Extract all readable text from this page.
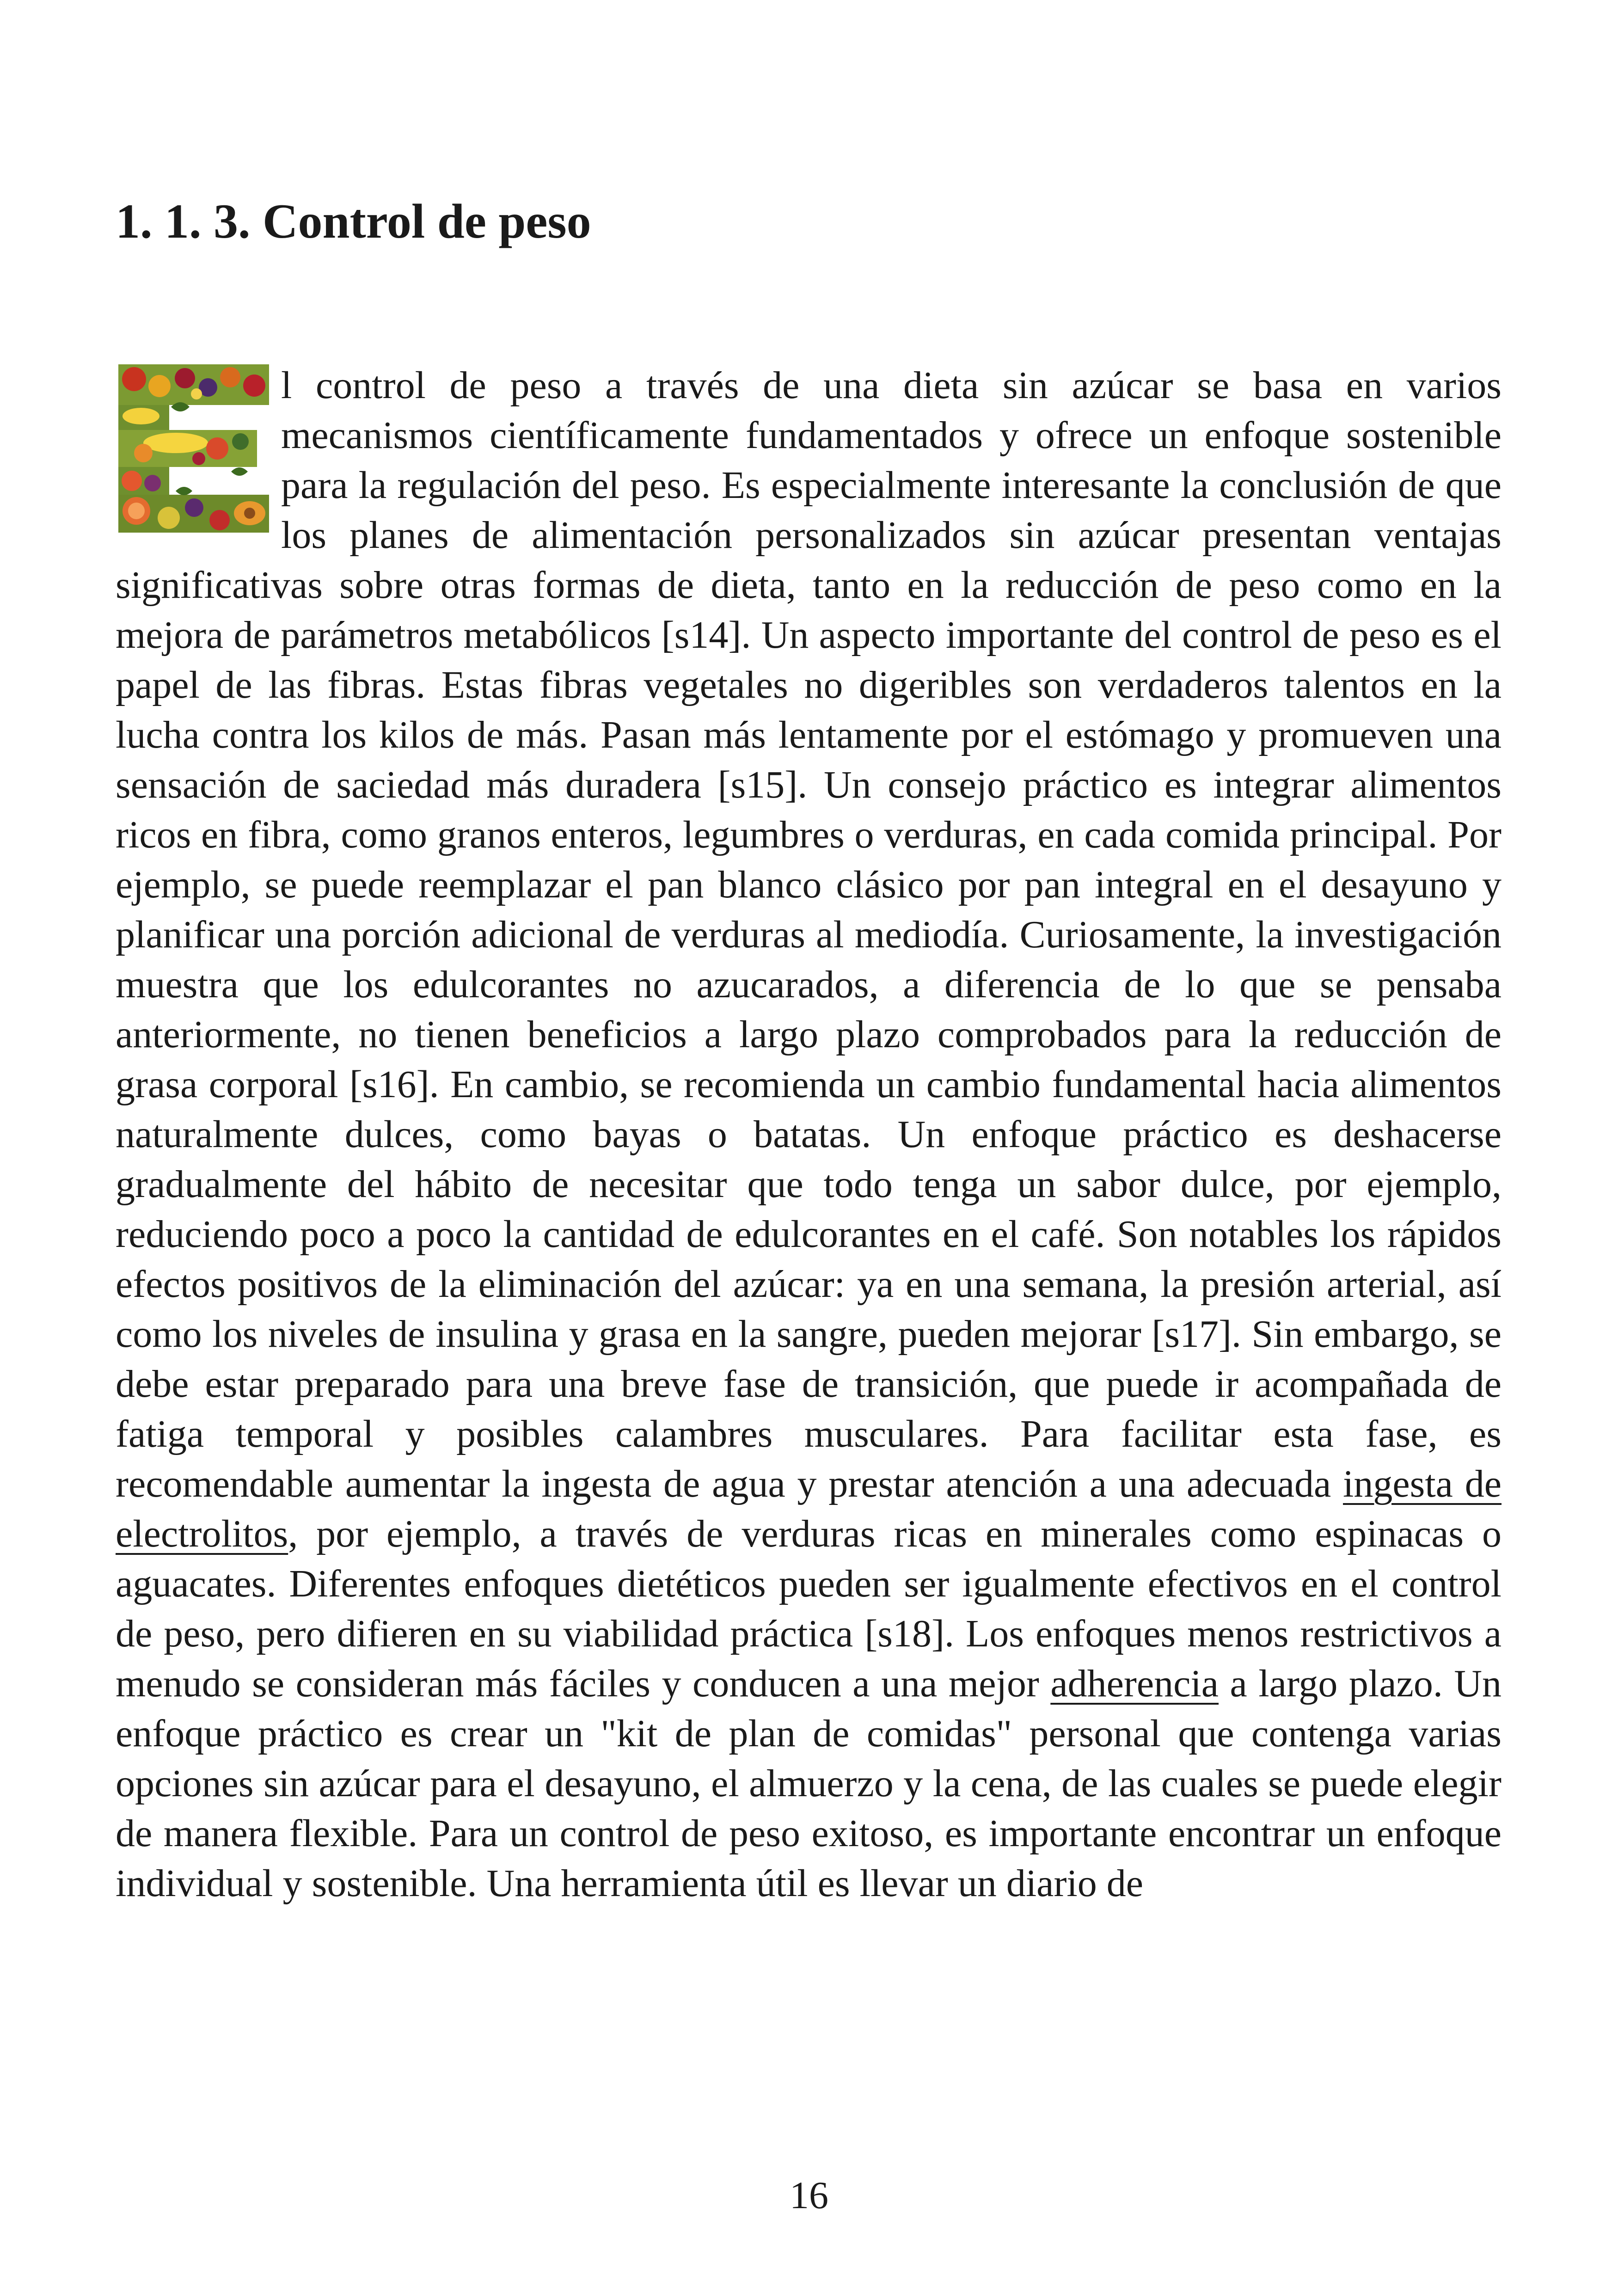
1. 1. 3. Control de peso

l control de peso a través de una dieta sin azúcar se basa en varios mecanismos científicamente fundamentados y ofrece un enfoque sostenible para la regulación del peso. Es especialmente interesante la conclusión de que los planes de alimentación personalizados sin azúcar presentan ventajas significativas sobre otras formas de dieta, tanto en la reducción de peso como en la mejora de parámetros metabólicos [s14]. Un aspecto importante del control de peso es el papel de las fibras. Estas fibras vegetales no digeribles son verdaderos talentos en la lucha contra los kilos de más. Pasan más lentamente por el estómago y promueven una sensación de saciedad más duradera [s15]. Un consejo práctico es integrar alimentos ricos en fibra, como granos enteros, legumbres o verduras, en cada comida principal. Por ejemplo, se puede reemplazar el pan blanco clásico por pan integral en el desayuno y planificar una porción adicional de verduras al mediodía. Curiosamente, la investigación muestra que los edulcorantes no azucarados, a diferencia de lo que se pensaba anteriormente, no tienen beneficios a largo plazo comprobados para la reducción de grasa corporal [s16]. En cambio, se recomienda un cambio fundamental hacia alimentos naturalmente dulces, como bayas o batatas. Un enfoque práctico es deshacerse gradualmente del hábito de necesitar que todo tenga un sabor dulce, por ejemplo, reduciendo poco a poco la cantidad de edulcorantes en el café. Son notables los rápidos efectos positivos de la eliminación del azúcar: ya en una semana, la presión arterial, así como los niveles de insulina y grasa en la sangre, pueden mejorar [s17]. Sin embargo, se debe estar preparado para una breve fase de transición, que puede ir acompañada de fatiga temporal y posibles calambres musculares. Para facilitar esta fase, es recomendable aumentar la ingesta de agua y prestar atención a una adecuada ingesta de electrolitos, por ejemplo, a través de verduras ricas en minerales como espinacas o aguacates. Diferentes enfoques dietéticos pueden ser igualmente efectivos en el control de peso, pero difieren en su viabilidad práctica [s18]. Los enfoques menos restrictivos a menudo se consideran más fáciles y conducen a una mejor adherencia a largo plazo. Un enfoque práctico es crear un "kit de plan de comidas" personal que contenga varias opciones sin azúcar para el desayuno, el almuerzo y la cena, de las cuales se puede elegir de manera flexible. Para un control de peso exitoso, es importante encontrar un enfoque individual y sostenible. Una herramienta útil es llevar un diario de

16
